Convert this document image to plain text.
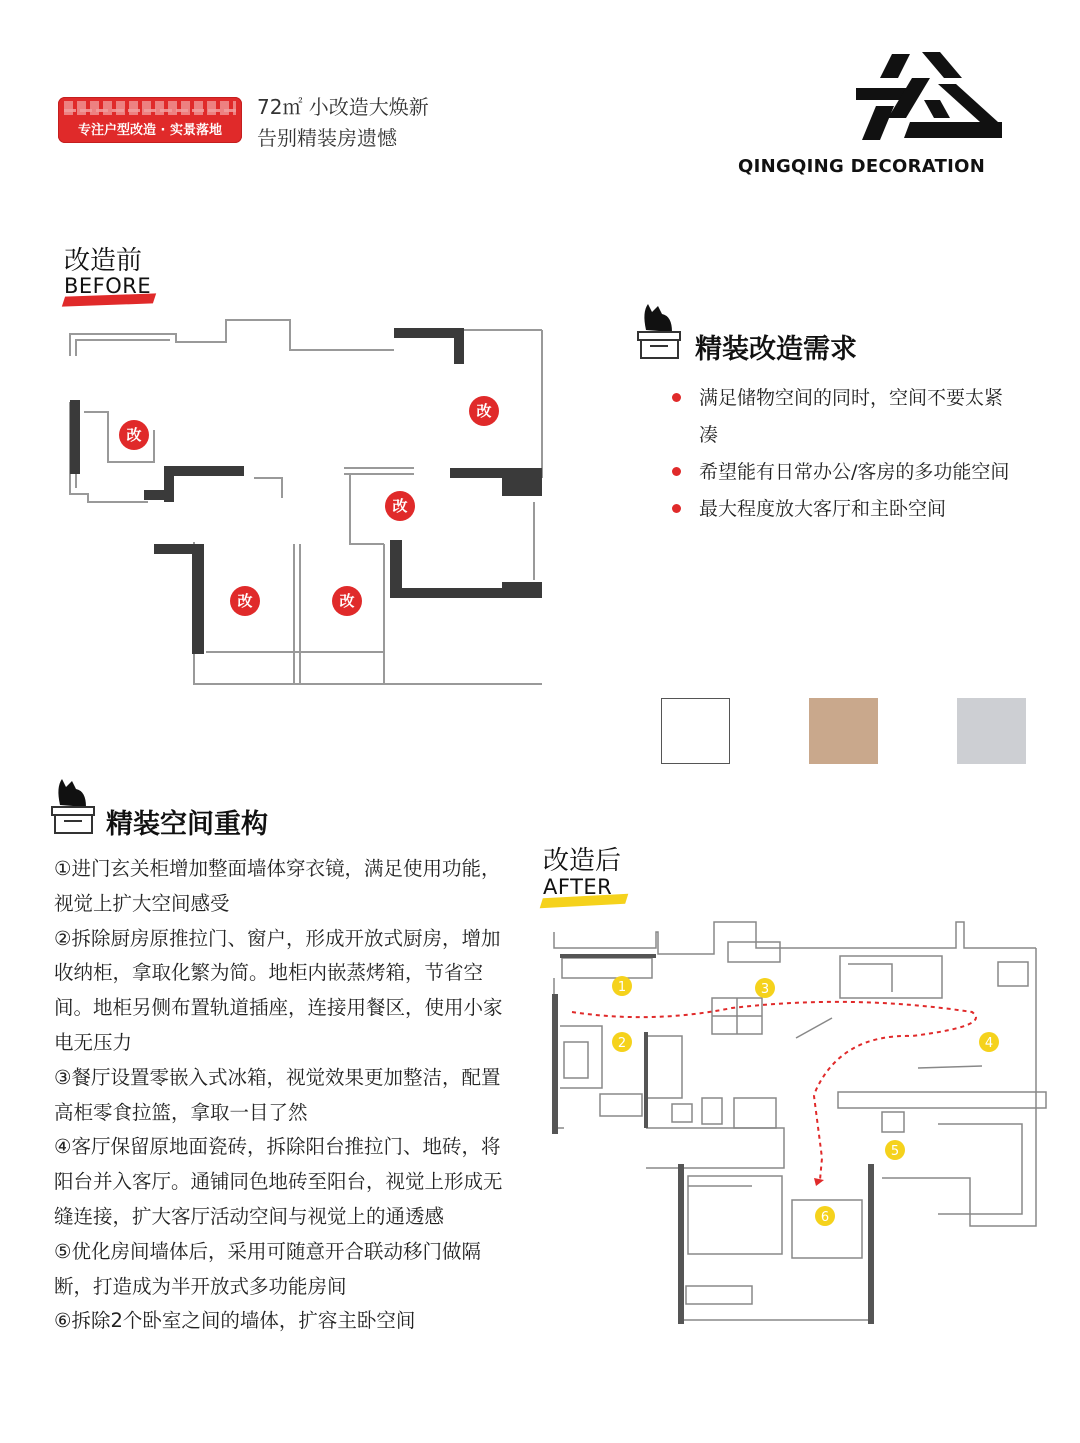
专注户型改造 · 实景落地
72㎡ 小改造大焕新
告别精装房遗憾
QINGQING DECORATION
改造前
BEFORE
改
改
改
改	改
精装改造需求
满足储物空间的同时，空间不要太紧凑
希望能有日常办公/客房的多功能空间
最大程度放大客厅和主卧空间
精装空间重构

①进门玄关柜增加整面墙体穿衣镜，满足使用功能，视觉上扩大空间感受

②拆除厨房原推拉门、窗户，形成开放式厨房，增加收纳柜，拿取化繁为简。地柜内嵌蒸烤箱，节省空间。地柜另侧布置轨道插座，连接用餐区，使用小家电无压力

③餐厅设置零嵌入式冰箱，视觉效果更加整洁，配置高柜零食拉篮，拿取一目了然

④客厅保留原地面瓷砖，拆除阳台推拉门、地砖，将阳台并入客厅。通铺同色地砖至阳台，视觉上形成无缝连接，扩大客厅活动空间与视觉上的通透感

⑤优化房间墙体后，采用可随意开合联动移门做隔断，打造成为半开放式多功能房间

⑥拆除2个卧室之间的墙体，扩容主卧空间

改造后
AFTER
1
2
3
4
5
6
